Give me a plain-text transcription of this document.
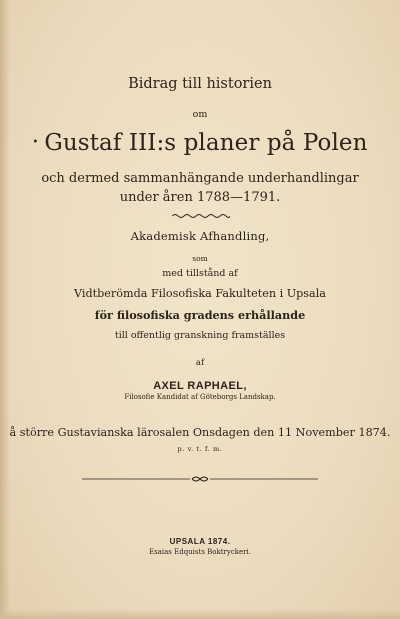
Bidrag till historien
om
• Gustaf III:s planer på Polen
och dermed sammanhängande underhandlingar
under åren 1788—1791.
Akademisk Afhandling,
som
med tillstånd af
Vidtberömda Filosofiska Fakulteten i Upsala
för filosofiska gradens erhållande
till offentlig granskning framställes
af
AXEL RAPHAEL,
Filosofie Kandidat af Göteborgs Landskap.
å större Gustavianska lärosalen Onsdagen den 11 November 1874.
p. v. t. f. m.
UPSALA 1874.
Esaias Edquists Boktryckeri.
